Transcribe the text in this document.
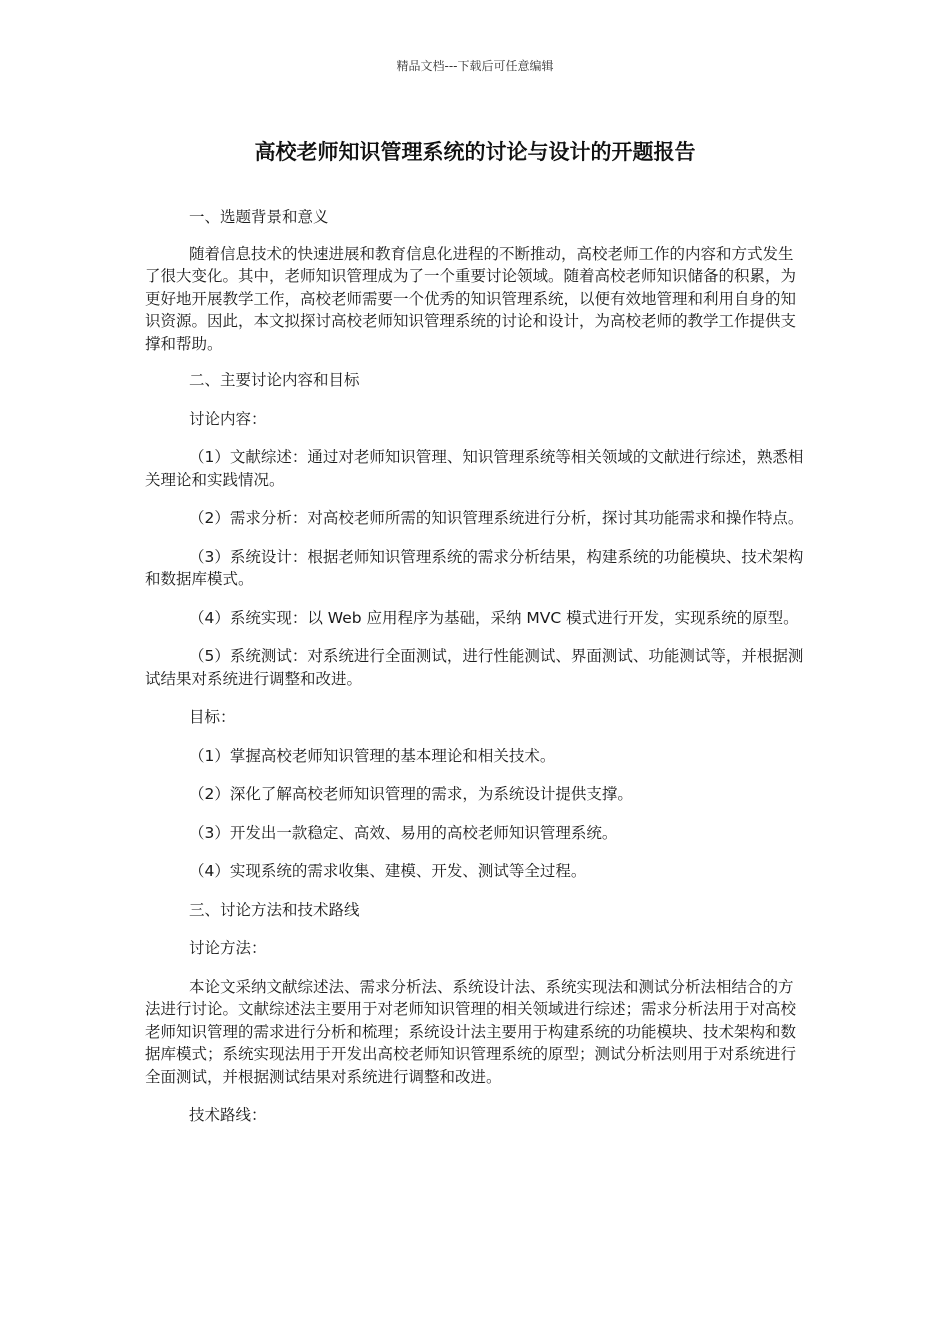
精品文档---下载后可任意编辑
高校老师知识管理系统的讨论与设计的开题报告

一、选题背景和意义

随着信息技术的快速进展和教育信息化进程的不断推动，高校老师工作的内容和方式发生了很大变化。其中，老师知识管理成为了一个重要讨论领域。随着高校老师知识储备的积累，为更好地开展教学工作，高校老师需要一个优秀的知识管理系统，以便有效地管理和利用自身的知识资源。因此，本文拟探讨高校老师知识管理系统的讨论和设计，为高校老师的教学工作提供支撑和帮助。

二、主要讨论内容和目标

讨论内容：

（1）文献综述：通过对老师知识管理、知识管理系统等相关领域的文献进行综述，熟悉相关理论和实践情况。

（2）需求分析：对高校老师所需的知识管理系统进行分析，探讨其功能需求和操作特点。

（3）系统设计：根据老师知识管理系统的需求分析结果，构建系统的功能模块、技术架构和数据库模式。

（4）系统实现：以 Web 应用程序为基础，采纳 MVC 模式进行开发，实现系统的原型。

（5）系统测试：对系统进行全面测试，进行性能测试、界面测试、功能测试等，并根据测试结果对系统进行调整和改进。

目标：

（1）掌握高校老师知识管理的基本理论和相关技术。

（2）深化了解高校老师知识管理的需求，为系统设计提供支撑。

（3）开发出一款稳定、高效、易用的高校老师知识管理系统。

（4）实现系统的需求收集、建模、开发、测试等全过程。

三、讨论方法和技术路线

讨论方法：

本论文采纳文献综述法、需求分析法、系统设计法、系统实现法和测试分析法相结合的方法进行讨论。文献综述法主要用于对老师知识管理的相关领域进行综述；需求分析法用于对高校老师知识管理的需求进行分析和梳理；系统设计法主要用于构建系统的功能模块、技术架构和数据库模式；系统实现法用于开发出高校老师知识管理系统的原型；测试分析法则用于对系统进行全面测试，并根据测试结果对系统进行调整和改进。

技术路线：
